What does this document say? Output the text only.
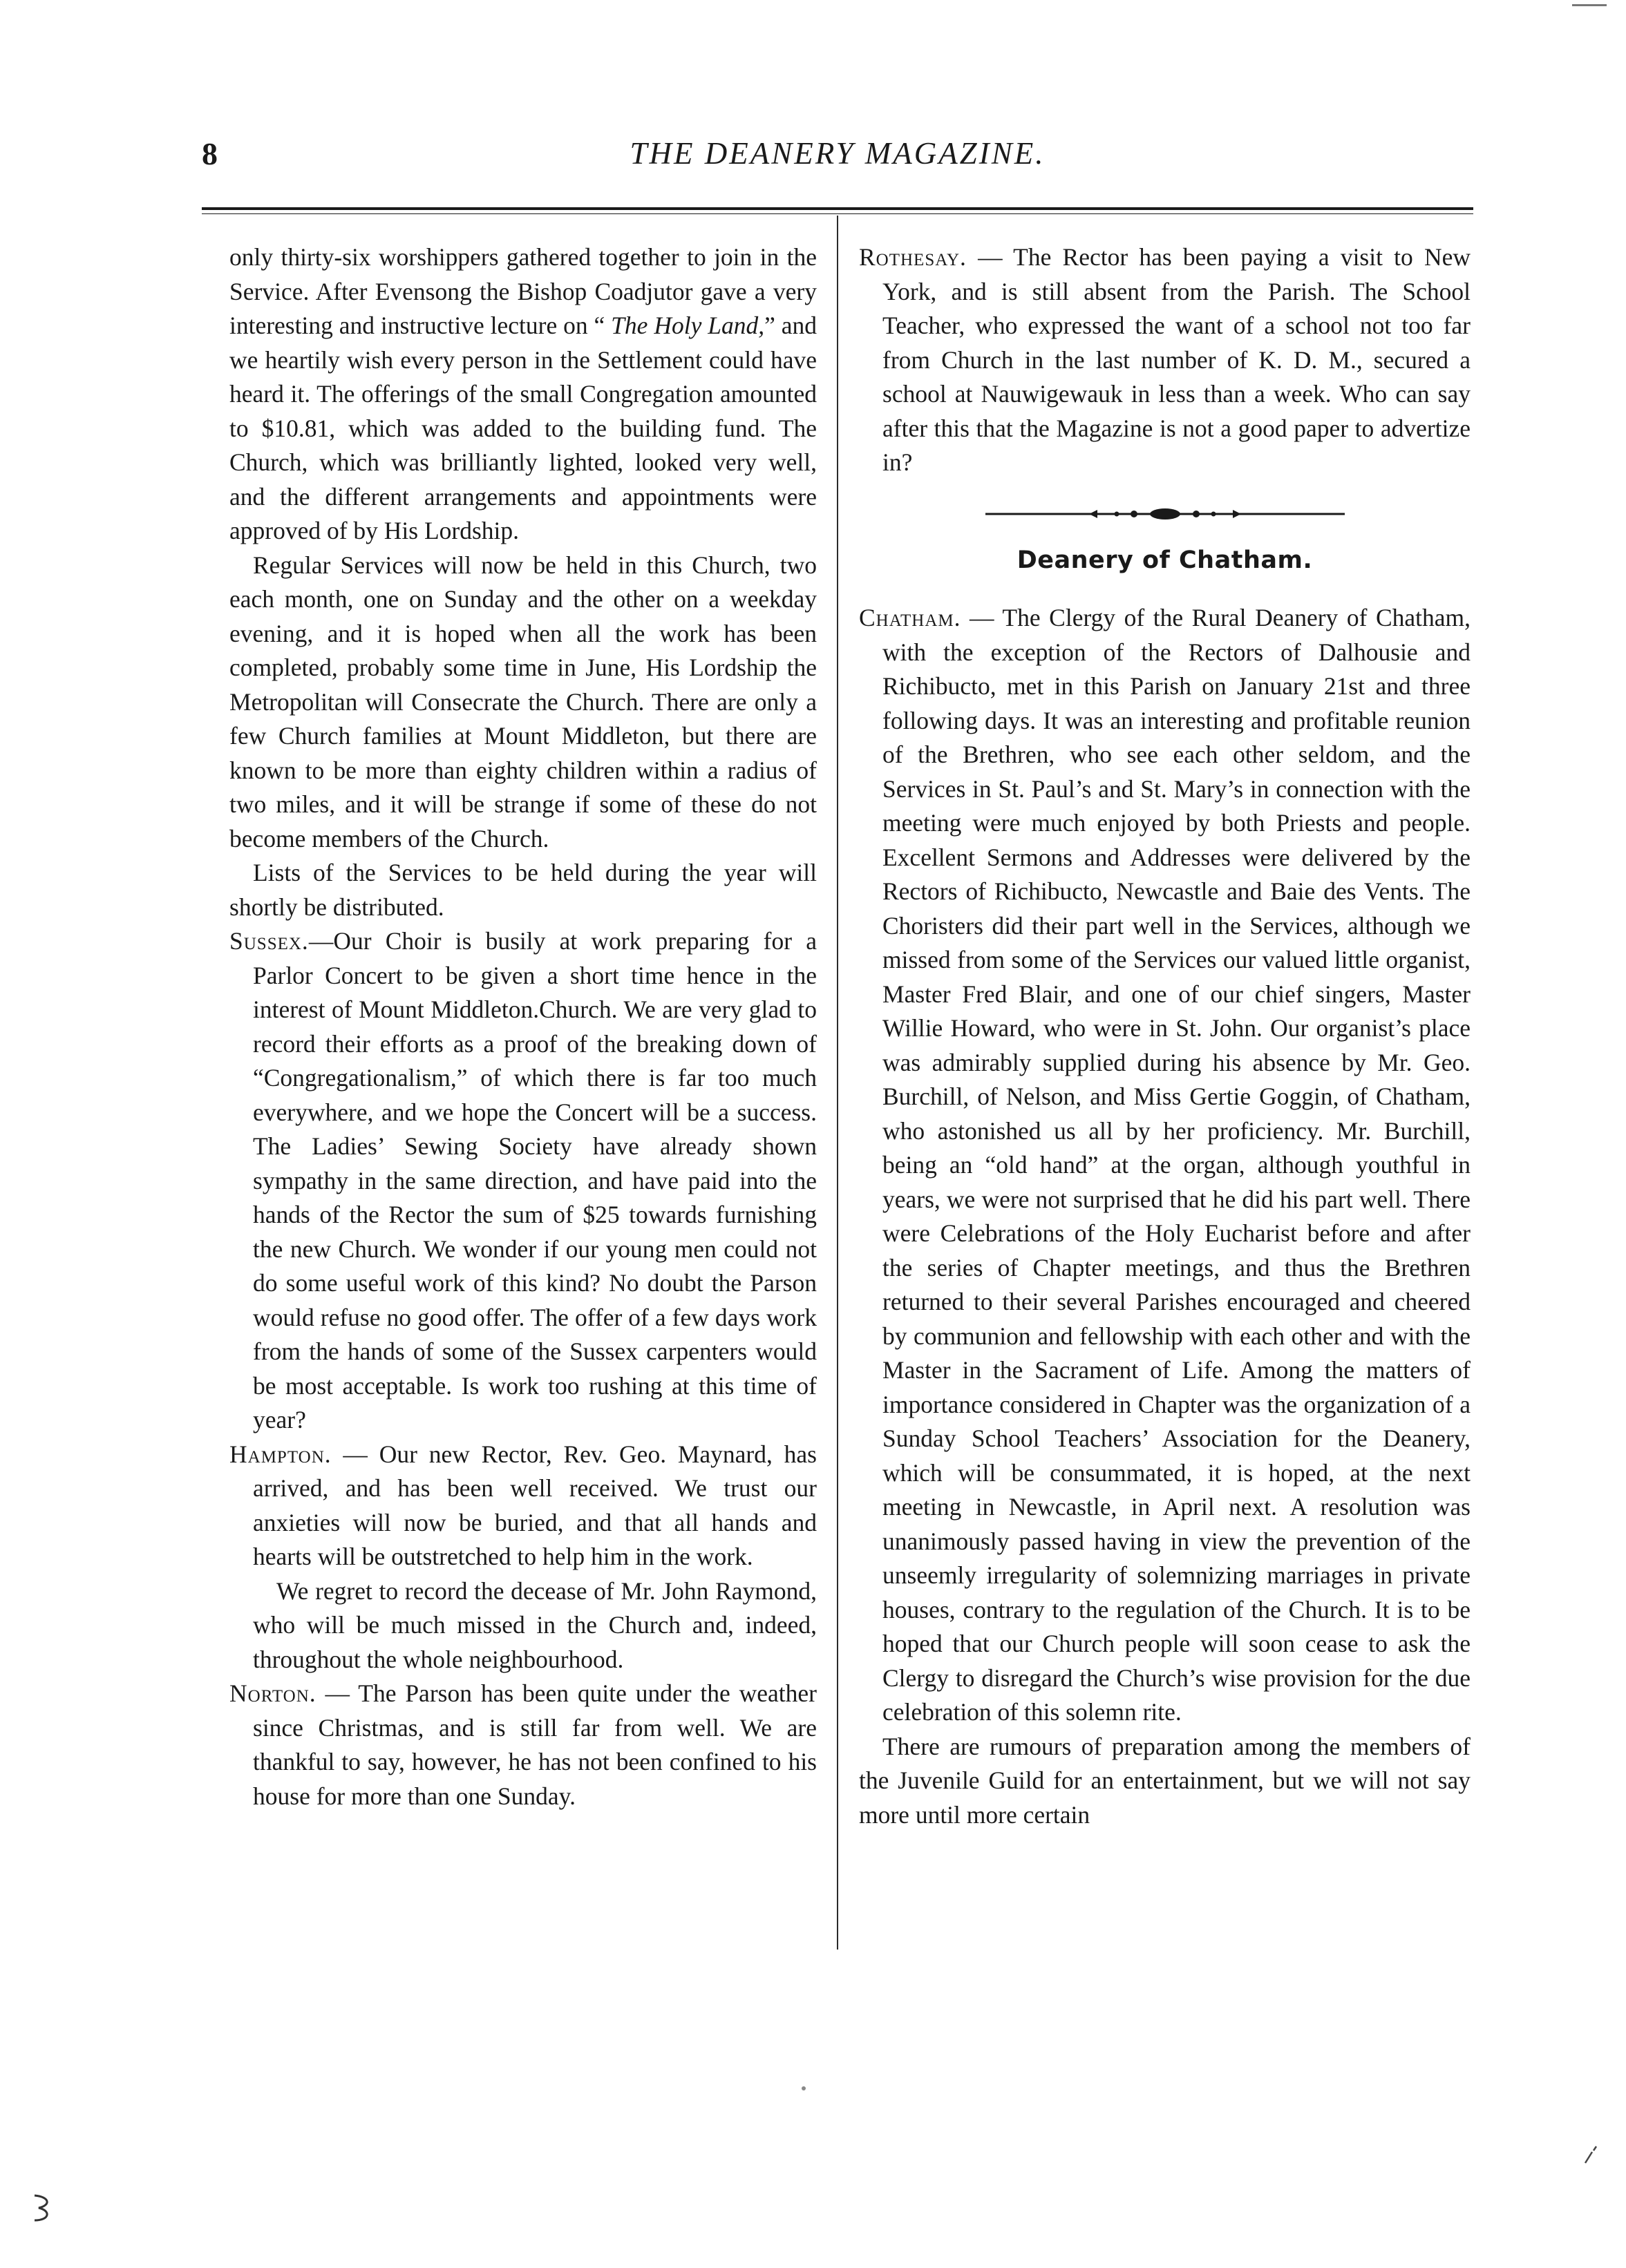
8	THE DEANERY MAGAZINE.

only thirty-six worshippers gathered together to join in the Service. After Evensong the Bishop Coadjutor gave a very interesting and instructive lecture on “ The Holy Land,” and we heartily wish every person in the Settlement could have heard it. The offerings of the small Congregation amounted to $10.81, which was added to the building fund. The Church, which was brilliantly lighted, looked very well, and the different arrangements and appointments were approved of by His Lordship.

Regular Services will now be held in this Church, two each month, one on Sunday and the other on a weekday evening, and it is hoped when all the work has been completed, probably some time in June, His Lordship the Metropolitan will Consecrate the Church. There are only a few Church families at Mount Middleton, but there are known to be more than eighty children within a radius of two miles, and it will be strange if some of these do not become members of the Church.

Lists of the Services to be held during the year will shortly be distributed.

Sussex.—Our Choir is busily at work preparing for a Parlor Concert to be given a short time hence in the interest of Mount Middleton.Church. We are very glad to record their efforts as a proof of the breaking down of “Congregationalism,” of which there is far too much everywhere, and we hope the Concert will be a success. The Ladies’ Sewing Society have already shown sympathy in the same direction, and have paid into the hands of the Rector the sum of $25 towards furnishing the new Church. We wonder if our young men could not do some useful work of this kind? No doubt the Parson would refuse no good offer. The offer of a few days work from the hands of some of the Sussex carpenters would be most acceptable. Is work too rushing at this time of year?

Hampton. — Our new Rector, Rev. Geo. Maynard, has arrived, and has been well received. We trust our anxieties will now be buried, and that all hands and hearts will be outstretched to help him in the work.

We regret to record the decease of Mr. John Raymond, who will be much missed in the Church and, indeed, throughout the whole neighbourhood.

Norton. — The Parson has been quite under the weather since Christmas, and is still far from well. We are thankful to say, however, he has not been confined to his house for more than one Sunday.

Rothesay. — The Rector has been paying a visit to New York, and is still absent from the Parish. The School Teacher, who expressed the want of a school not too far from Church in the last number of K. D. M., secured a school at Nauwigewauk in less than a week. Who can say after this that the Magazine is not a good paper to advertize in?

Deanery of Chatham.

Chatham. — The Clergy of the Rural Deanery of Chatham, with the exception of the Rectors of Dalhousie and Richibucto, met in this Parish on January 21st and three following days. It was an interesting and profitable reunion of the Brethren, who see each other seldom, and the Services in St. Paul’s and St. Mary’s in connection with the meeting were much enjoyed by both Priests and people. Excellent Sermons and Addresses were delivered by the Rectors of Richibucto, Newcastle and Baie des Vents. The Choristers did their part well in the Services, although we missed from some of the Services our valued little organist, Master Fred Blair, and one of our chief singers, Master Willie Howard, who were in St. John. Our organist’s place was admirably supplied during his absence by Mr. Geo. Burchill, of Nelson, and Miss Gertie Goggin, of Chatham, who astonished us all by her proficiency. Mr. Burchill, being an “old hand” at the organ, although youthful in years, we were not surprised that he did his part well. There were Celebrations of the Holy Eucharist before and after the series of Chapter meetings, and thus the Brethren returned to their several Parishes encouraged and cheered by communion and fellowship with each other and with the Master in the Sacrament of Life. Among the matters of importance considered in Chapter was the organization of a Sunday School Teachers’ Association for the Deanery, which will be consummated, it is hoped, at the next meeting in Newcastle, in April next. A resolution was unanimously passed having in view the prevention of the unseemly irregularity of solemnizing marriages in private houses, contrary to the regulation of the Church. It is to be hoped that our Church people will soon cease to ask the Clergy to disregard the Church’s wise provision for the due celebration of this solemn rite.

There are rumours of preparation among the members of the Juvenile Guild for an entertainment, but we will not say more until more certain
